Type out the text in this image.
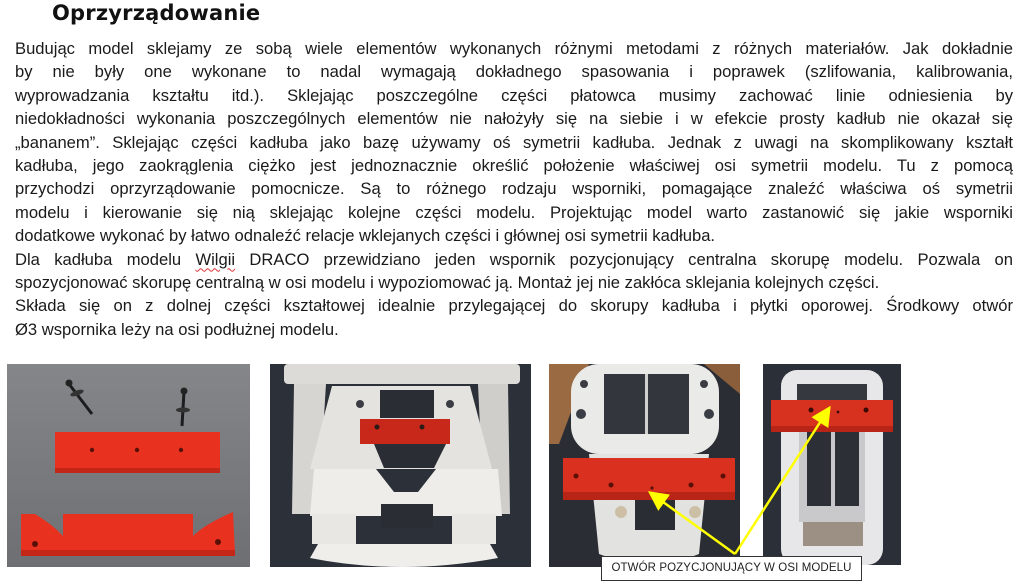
Oprzyrządowanie
Budując model sklejamy ze sobą wiele elementów wykonanych różnymi metodami z różnych materiałów. Jak dokładnie
by nie były one wykonane to nadal wymagają dokładnego spasowania i poprawek (szlifowania, kalibrowania,
wyprowadzania kształtu itd.). Sklejając poszczególne części płatowca musimy zachować linie odniesienia by
niedokładności wykonania poszczególnych elementów nie nałożyły się na siebie i w efekcie prosty kadłub nie okazał się
„bananem”. Sklejając części kadłuba jako bazę używamy oś symetrii kadłuba. Jednak z uwagi na skomplikowany kształt
kadłuba, jego zaokrąglenia ciężko jest jednoznacznie określić położenie właściwej osi symetrii modelu. Tu z pomocą
przychodzi oprzyrządowanie pomocnicze. Są to różnego rodzaju wsporniki, pomagające znaleźć właściwa oś symetrii
modelu i kierowanie się nią sklejając kolejne części modelu. Projektując model warto zastanowić się jakie wsporniki
dodatkowe wykonać by łatwo odnaleźć relacje wklejanych części i głównej osi symetrii kadłuba.
Dla kadłuba modelu Wilgii DRACO przewidziano jeden wspornik pozycjonujący centralna skorupę modelu. Pozwala on
spozycjonować skorupę centralną w osi modelu i wypoziomować ją. Montaż jej nie zakłóca sklejania kolejnych części.
Składa się on z dolnej części kształtowej idealnie przylegającej do skorupy kadłuba i płytki oporowej. Środkowy otwór
Ø3 wspornika leży na osi podłużnej modelu.
OTWÓR POZYCJONUJĄCY W OSI MODELU
